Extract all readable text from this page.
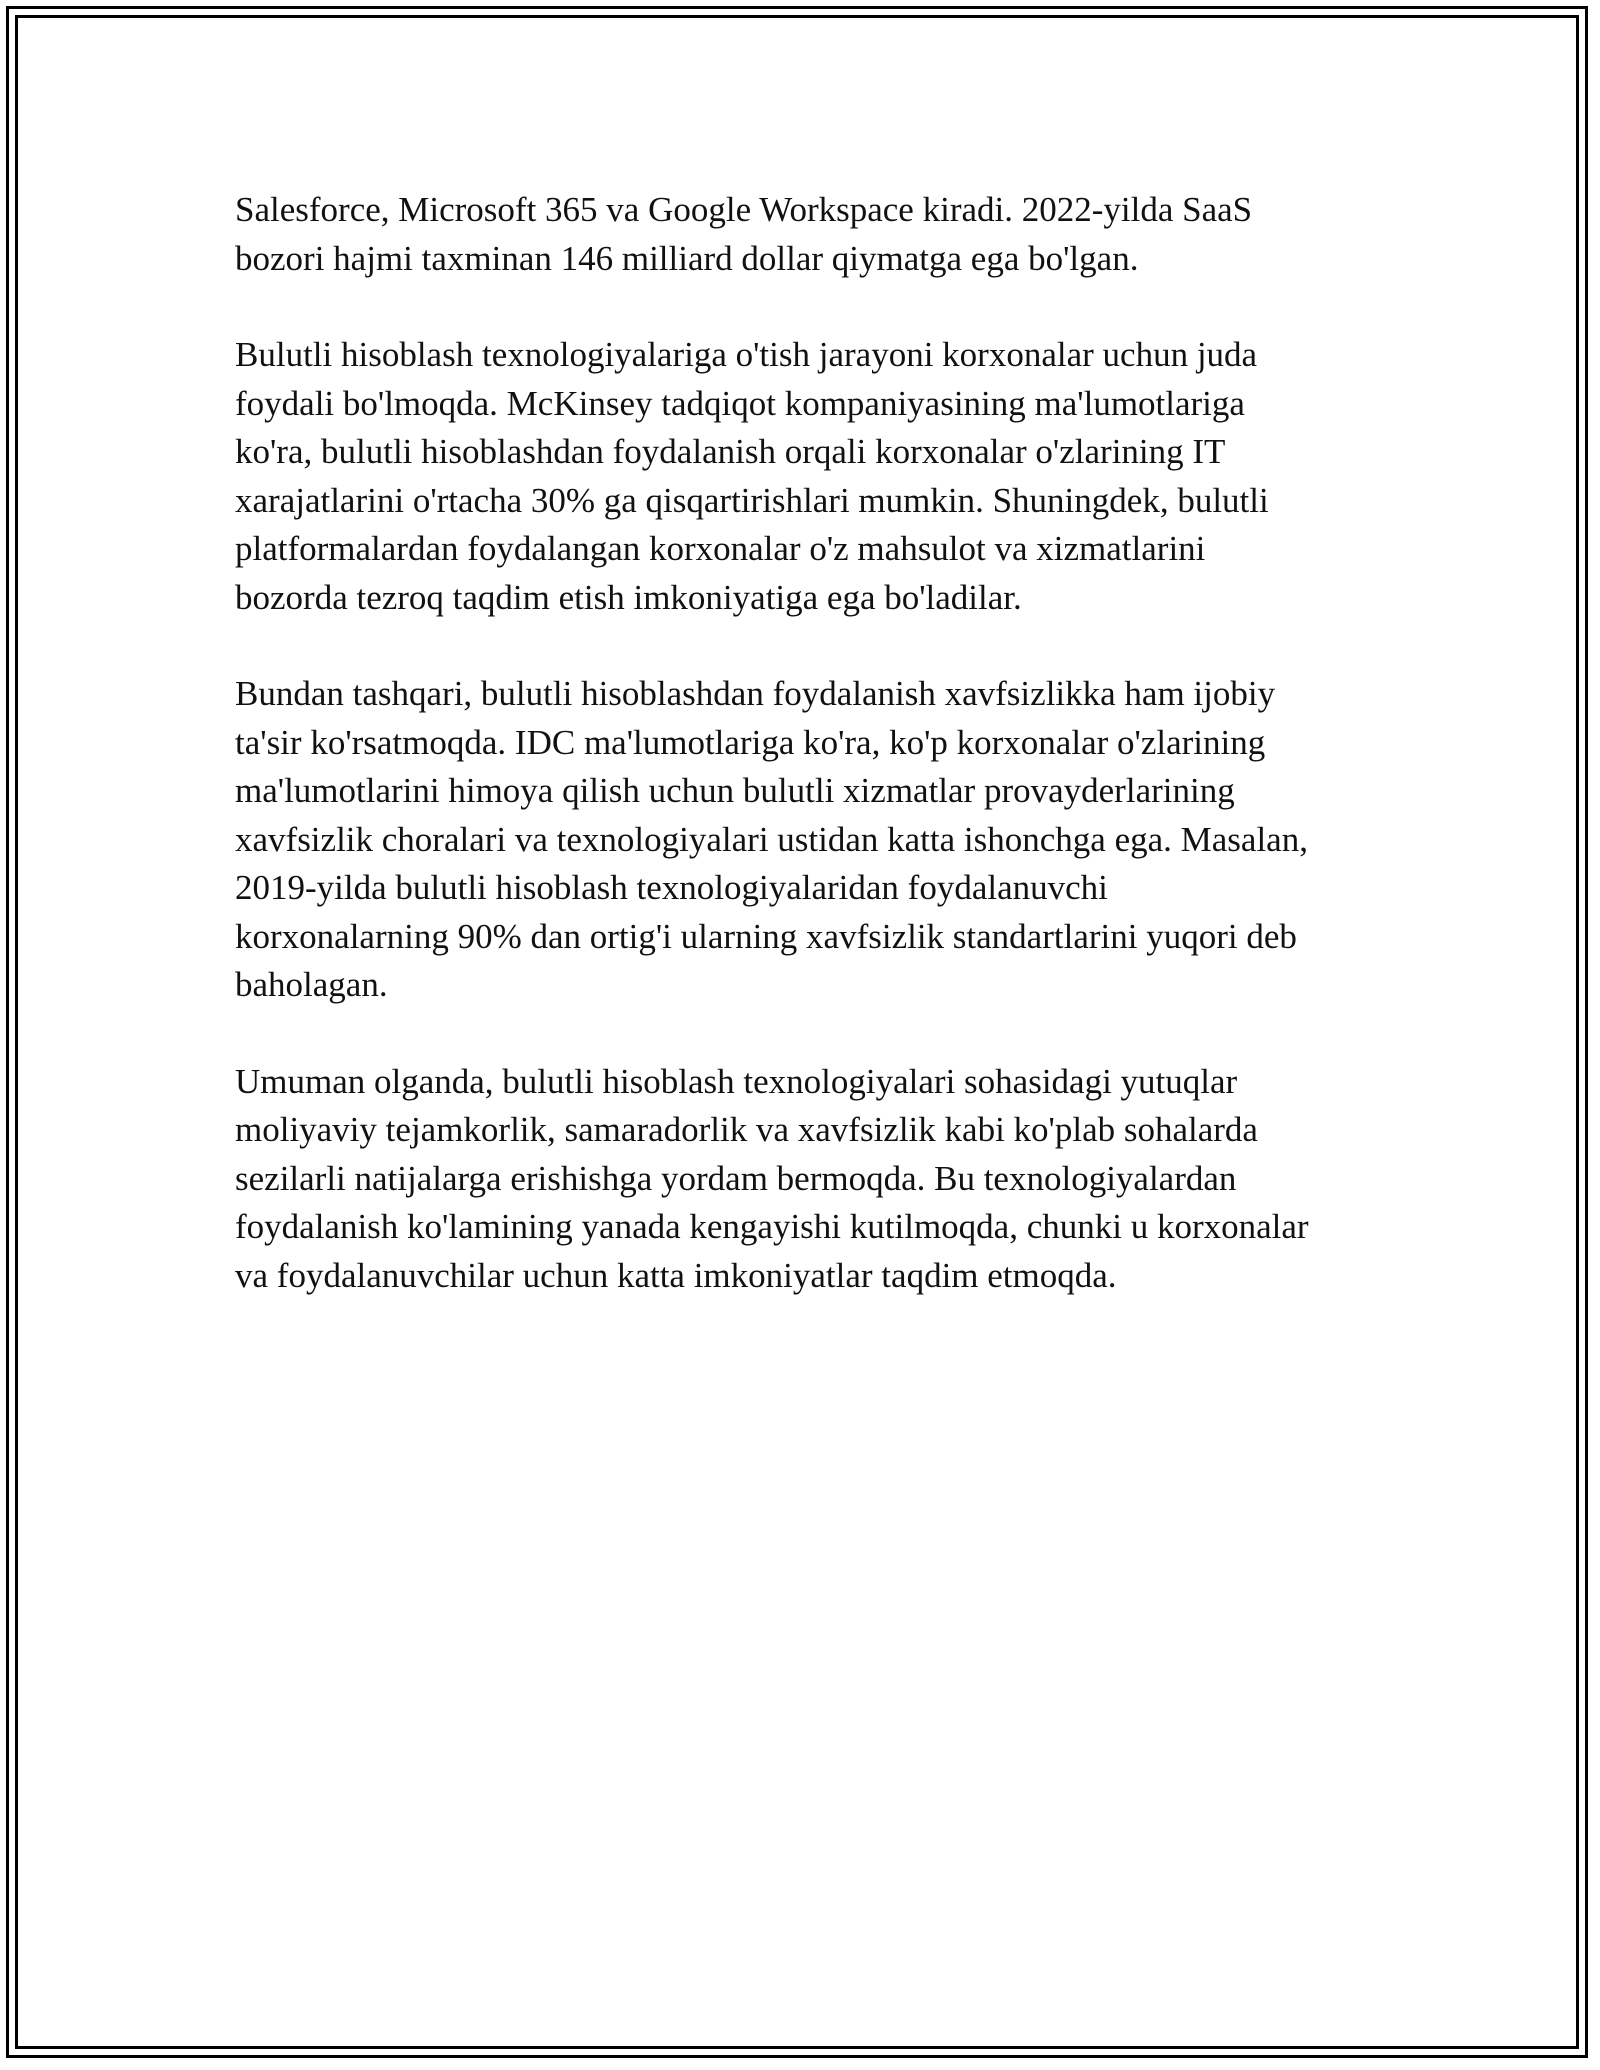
Salesforce, Microsoft 365 va Google Workspace kiradi. 2022-yilda SaaS
bozori hajmi taxminan 146 milliard dollar qiymatga ega bo'lgan.

Bulutli hisoblash texnologiyalariga o'tish jarayoni korxonalar uchun juda
foydali bo'lmoqda. McKinsey tadqiqot kompaniyasining ma'lumotlariga
ko'ra, bulutli hisoblashdan foydalanish orqali korxonalar o'zlarining IT
xarajatlarini o'rtacha 30% ga qisqartirishlari mumkin. Shuningdek, bulutli
platformalardan foydalangan korxonalar o'z mahsulot va xizmatlarini
bozorda tezroq taqdim etish imkoniyatiga ega bo'ladilar.

Bundan tashqari, bulutli hisoblashdan foydalanish xavfsizlikka ham ijobiy
ta'sir ko'rsatmoqda. IDC ma'lumotlariga ko'ra, ko'p korxonalar o'zlarining
ma'lumotlarini himoya qilish uchun bulutli xizmatlar provayderlarining
xavfsizlik choralari va texnologiyalari ustidan katta ishonchga ega. Masalan,
2019-yilda bulutli hisoblash texnologiyalaridan foydalanuvchi
korxonalarning 90% dan ortig'i ularning xavfsizlik standartlarini yuqori deb
baholagan.

Umuman olganda, bulutli hisoblash texnologiyalari sohasidagi yutuqlar
moliyaviy tejamkorlik, samaradorlik va xavfsizlik kabi ko'plab sohalarda
sezilarli natijalarga erishishga yordam bermoqda. Bu texnologiyalardan
foydalanish ko'lamining yanada kengayishi kutilmoqda, chunki u korxonalar
va foydalanuvchilar uchun katta imkoniyatlar taqdim etmoqda.
